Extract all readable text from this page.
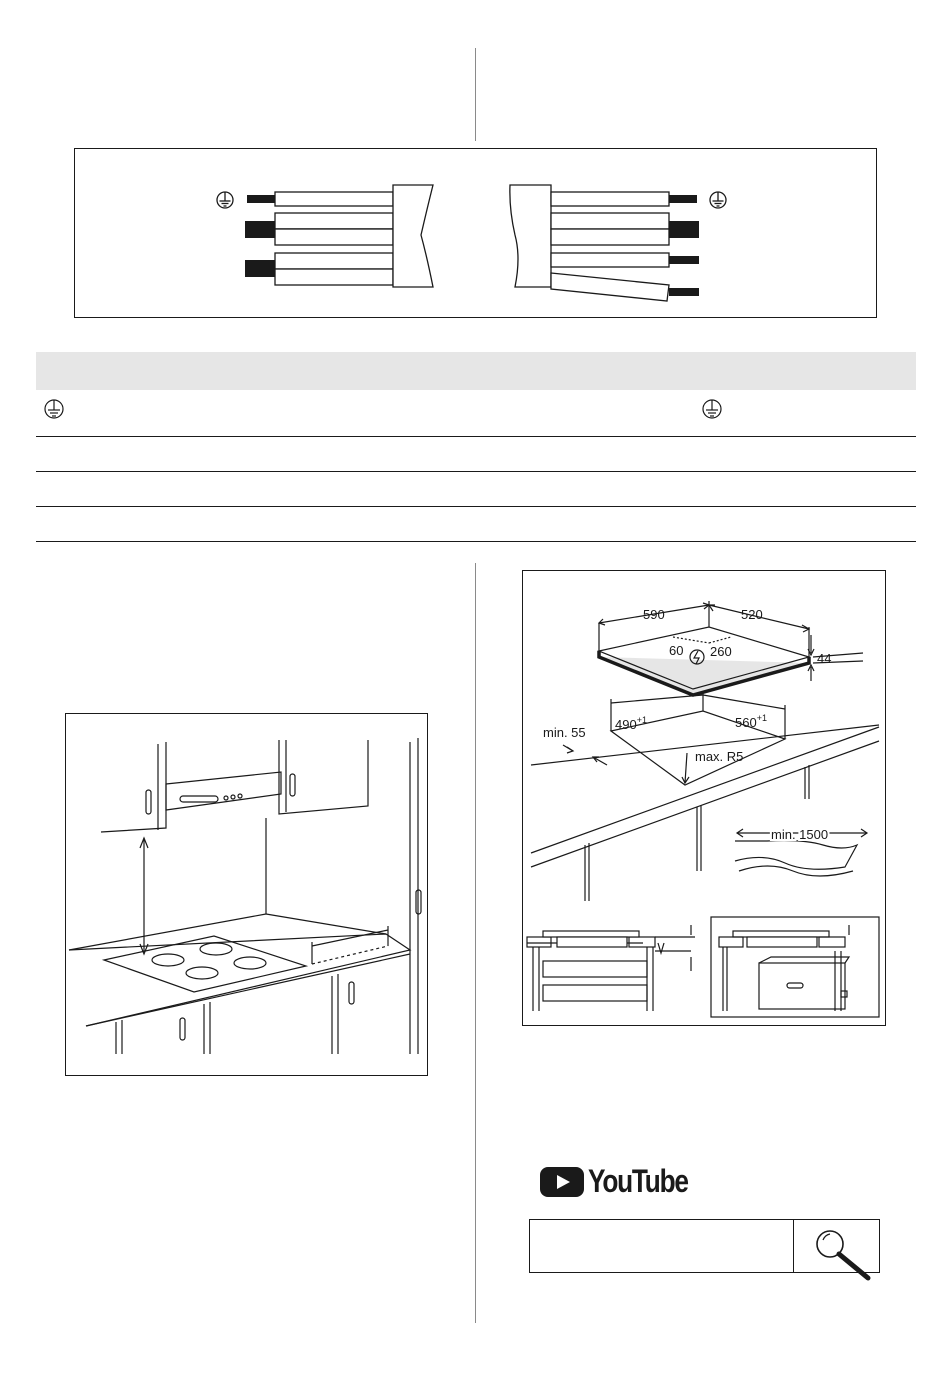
590	520
60 260	44
$490^{+1}$	$560^{+1}$
min. 55
max. R5
min. 1500
YouTube
